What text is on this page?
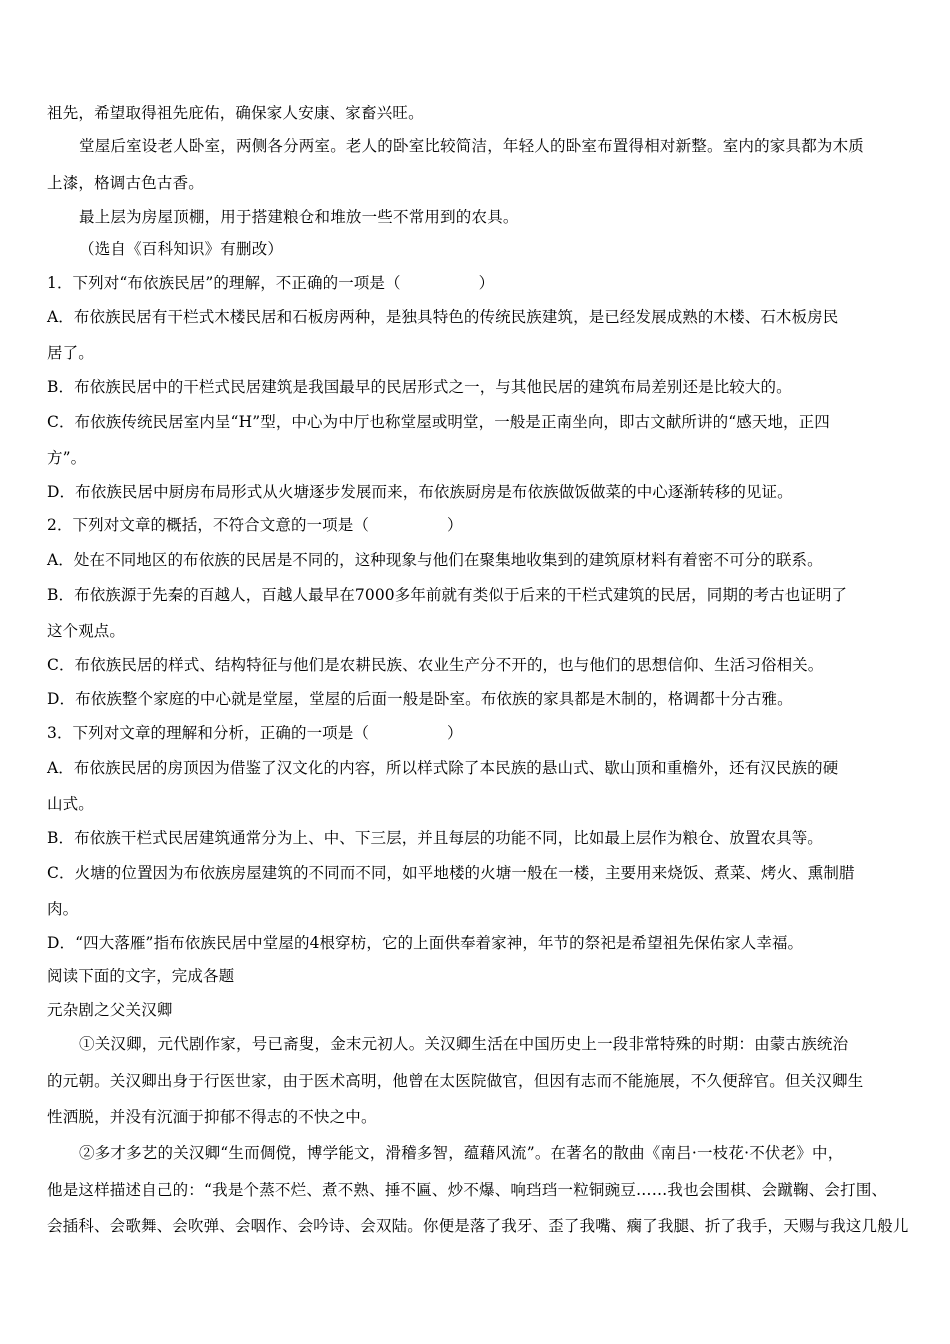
祖先，希望取得祖先庇佑，确保家人安康、家畜兴旺。
堂屋后室设老人卧室，两侧各分两室。老人的卧室比较简洁，年轻人的卧室布置得相对新整。室内的家具都为木质
上漆，格调古色古香。
最上层为房屋顶棚，用于搭建粮仓和堆放一些不常用到的农具。
（选自《百科知识》有删改）
1．下列对“布依族民居”的理解，不正确的一项是（　　　　　）
A．布依族民居有干栏式木楼民居和石板房两种，是独具特色的传统民族建筑，是已经发展成熟的木楼、石木板房民
居了。
B．布依族民居中的干栏式民居建筑是我国最早的民居形式之一，与其他民居的建筑布局差别还是比较大的。
C．布依族传统民居室内呈“H”型，中心为中厅也称堂屋或明堂，一般是正南坐向，即古文献所讲的“感天地，正四
方”。
D．布依族民居中厨房布局形式从火塘逐步发展而来，布依族厨房是布依族做饭做菜的中心逐渐转移的见证。
2．下列对文章的概括，不符合文意的一项是（　　　　　）
A．处在不同地区的布依族的民居是不同的，这种现象与他们在聚集地收集到的建筑原材料有着密不可分的联系。
B．布依族源于先秦的百越人，百越人最早在7000多年前就有类似于后来的干栏式建筑的民居，同期的考古也证明了
这个观点。
C．布依族民居的样式、结构特征与他们是农耕民族、农业生产分不开的，也与他们的思想信仰、生活习俗相关。
D．布依族整个家庭的中心就是堂屋，堂屋的后面一般是卧室。布依族的家具都是木制的，格调都十分古雅。
3．下列对文章的理解和分析，正确的一项是（　　　　　）
A．布依族民居的房顶因为借鉴了汉文化的内容，所以样式除了本民族的悬山式、歇山顶和重檐外，还有汉民族的硬
山式。
B．布依族干栏式民居建筑通常分为上、中、下三层，并且每层的功能不同，比如最上层作为粮仓、放置农具等。
C．火塘的位置因为布依族房屋建筑的不同而不同，如平地楼的火塘一般在一楼，主要用来烧饭、煮菜、烤火、熏制腊
肉。
D．“四大落雁”指布依族民居中堂屋的4根穿枋，它的上面供奉着家神，年节的祭祀是希望祖先保佑家人幸福。
阅读下面的文字，完成各题
元杂剧之父关汉卿
①关汉卿，元代剧作家，号已斋叟，金末元初人。关汉卿生活在中国历史上一段非常特殊的时期：由蒙古族统治
的元朝。关汉卿出身于行医世家，由于医术高明，他曾在太医院做官，但因有志而不能施展，不久便辞官。但关汉卿生
性洒脱，并没有沉湎于抑郁不得志的不快之中。
②多才多艺的关汉卿“生而倜傥，博学能文，滑稽多智，蕴藉风流”。在著名的散曲《南吕·一枝花·不伏老》中，
他是这样描述自己的：“我是个蒸不烂、煮不熟、捶不匾、炒不爆、响珰珰一粒铜豌豆……我也会围棋、会蹴鞠、会打围、
会插科、会歌舞、会吹弹、会咽作、会吟诗、会双陆。你便是落了我牙、歪了我嘴、瘸了我腿、折了我手，天赐与我这几般儿
